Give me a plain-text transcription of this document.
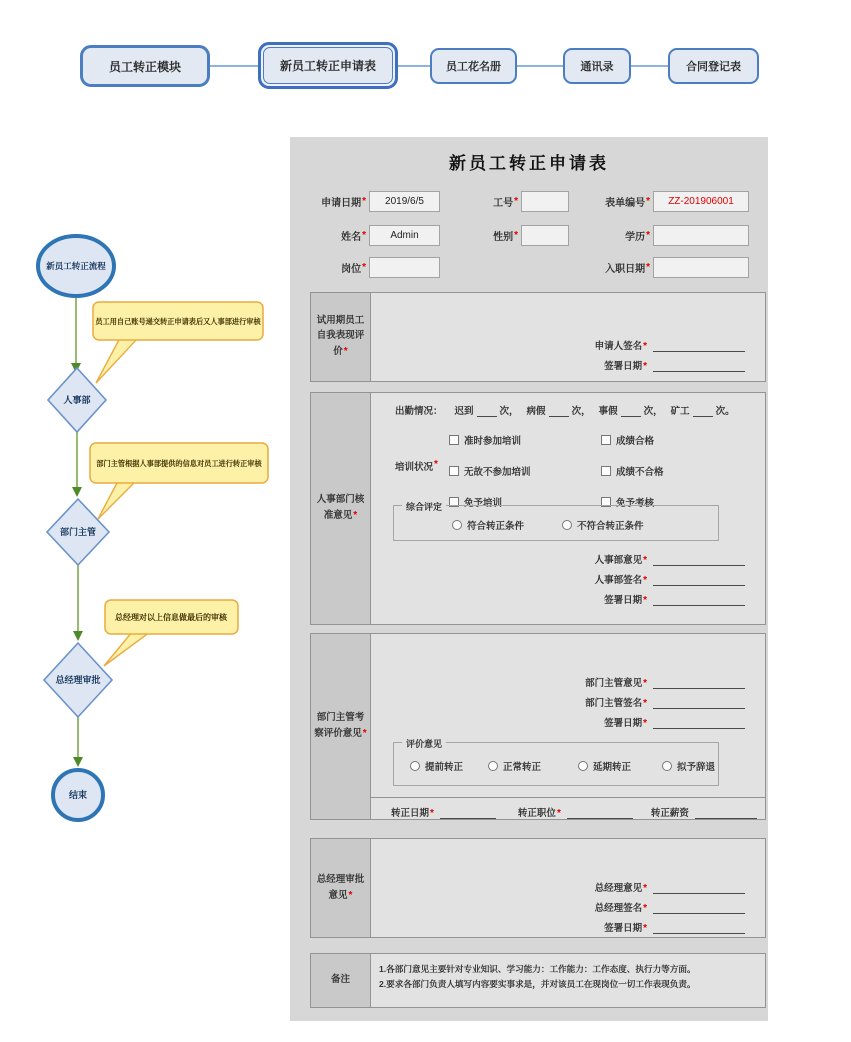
员工转正模块	新员工转正申请表	员工花名册	通讯录	合同登记表
新员工转正流程
员工用自己账号递交转正申请表后又人事部进行审核
人事部
部门主管根据人事部提供的信息对员工进行转正审核
部门主管
总经理对以上信息做最后的审核
总经理审批
结束
新员工转正申请表
申请日期 * 2019/6/5	工号 *	表单编号 * ZZ-201906001
姓名 * Admin	性别 *	学历 *
岗位 *	入职日期 *
试用期员工自我表现评价*	申请人签名 *
签署日期 *
人事部门核准意见*
出勤情况： 迟到	次， 病假	次， 事假	次， 矿工	次。
培训状况 *
准时参加培训	成绩合格
无故不参加培训	成绩不合格
免予培训	免予考核
综合评定
符合转正条件	不符合转正条件
人事部意见 *
人事部签名 *
签署日期 *
部门主管考察评价意见*
部门主管意见 *
部门主管签名 *
签署日期 *
评价意见
提前转正	正常转正	延期转正	拟予辞退
转正日期 *	转正职位 *	转正薪资
总经理审批意见*
总经理意见 *
总经理签名 *
签署日期 *
备注
1.各部门意见主要针对专业知识、学习能力：工作能力：工作态度、执行力等方面。
2.要求各部门负责人填写内容要实事求是，并对该员工在现岗位一切工作表现负责。
